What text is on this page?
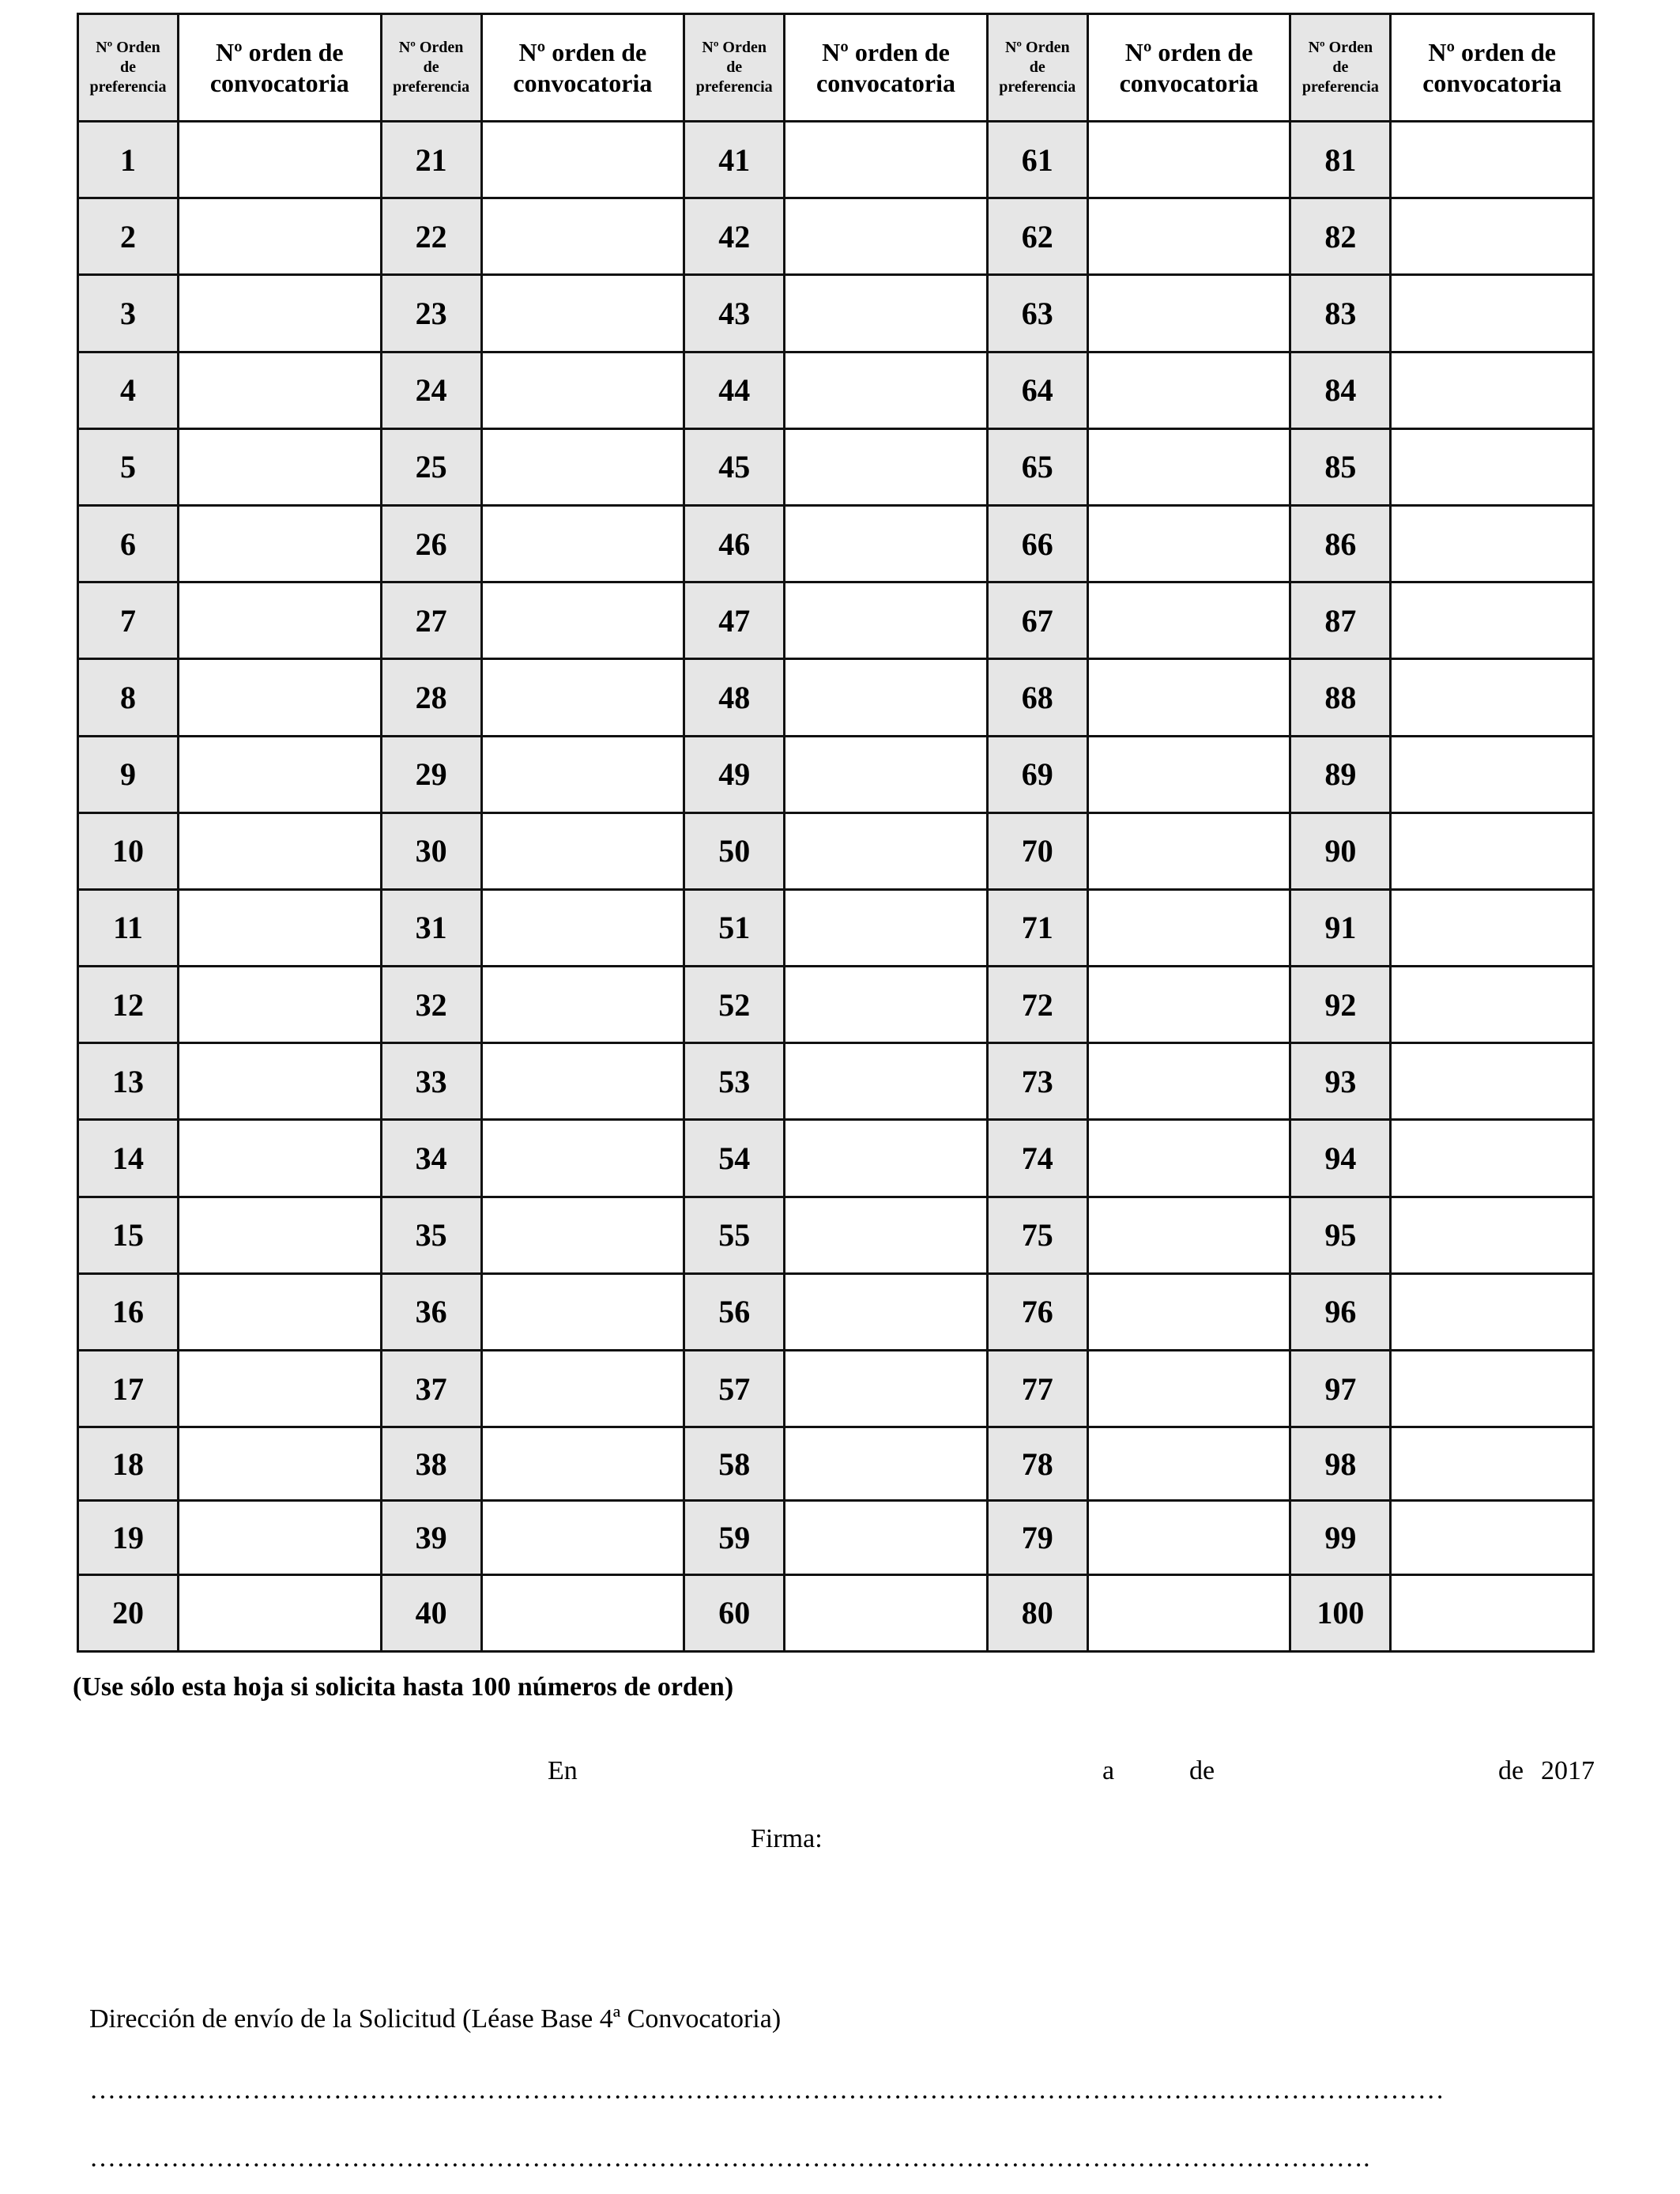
Nº Orden
de
preferencia	Nº orden de
convocatoria	Nº Orden
de
preferencia	Nº orden de
convocatoria	Nº Orden
de
preferencia	Nº orden de
convocatoria	Nº Orden
de
preferencia	Nº orden de
convocatoria	Nº Orden
de
preferencia	Nº orden de
convocatoria
1		21		41		61		81	
2		22		42		62		82	
3		23		43		63		83	
4		24		44		64		84	
5		25		45		65		85	
6		26		46		66		86	
7		27		47		67		87	
8		28		48		68		88	
9		29		49		69		89	
10		30		50		70		90	
11		31		51		71		91	
12		32		52		72		92	
13		33		53		73		93	
14		34		54		74		94	
15		35		55		75		95	
16		36		56		76		96	
17		37		57		77		97	
18		38		58		78		98	
19		39		59		79		99	
20		40		60		80		100	
(Use sólo esta hoja si solicita hasta 100 números de orden)
En	a	de	de 2017
Firma:
Dirección de envío de la Solicitud (Léase Base 4ª Convocatoria)
……………………………………………………………………………………………………………………………………
…………………………………………………………………………………………………………………………….
